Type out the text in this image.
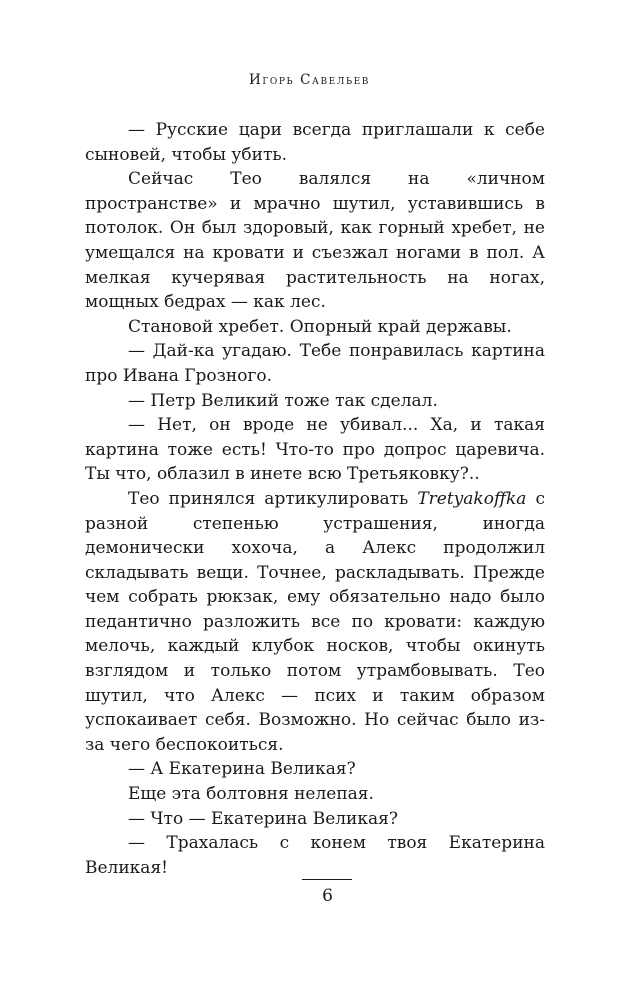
Игорь Савельев

— Русские цари всегда приглашали к себе сыновей, чтобы убить.

Сейчас Тео валялся на «личном пространстве» и мрачно шутил, уставившись в потолок. Он был здоровый, как горный хребет, не умещался на кровати и съезжал ногами в пол. А мелкая кучерявая растительность на ногах, мощных бедрах — как лес.

Становой хребет. Опорный край державы.

— Дай-ка угадаю. Тебе понравилась картина про Ивана Грозного.

— Петр Великий тоже так сделал.

— Нет, он вроде не убивал... Ха, и такая картина тоже есть! Что-то про допрос царевича. Ты что, облазил в инете всю Третьяковку?..

Тео принялся артикулировать Tretyakoffka с разной степенью устрашения, иногда демонически хохоча, а Алекс продолжил складывать вещи. Точнее, раскладывать. Прежде чем собрать рюкзак, ему обязательно надо было педантично разложить все по кровати: каждую мелочь, каждый клубок носков, чтобы окинуть взглядом и только потом утрамбовывать. Тео шутил, что Алекс — псих и таким образом успокаивает себя. Возможно. Но сейчас было из-за чего беспокоиться.

— А Екатерина Великая?

Еще эта болтовня нелепая.

— Что — Екатерина Великая?

— Трахалась с конем твоя Екатерина Великая!

6
